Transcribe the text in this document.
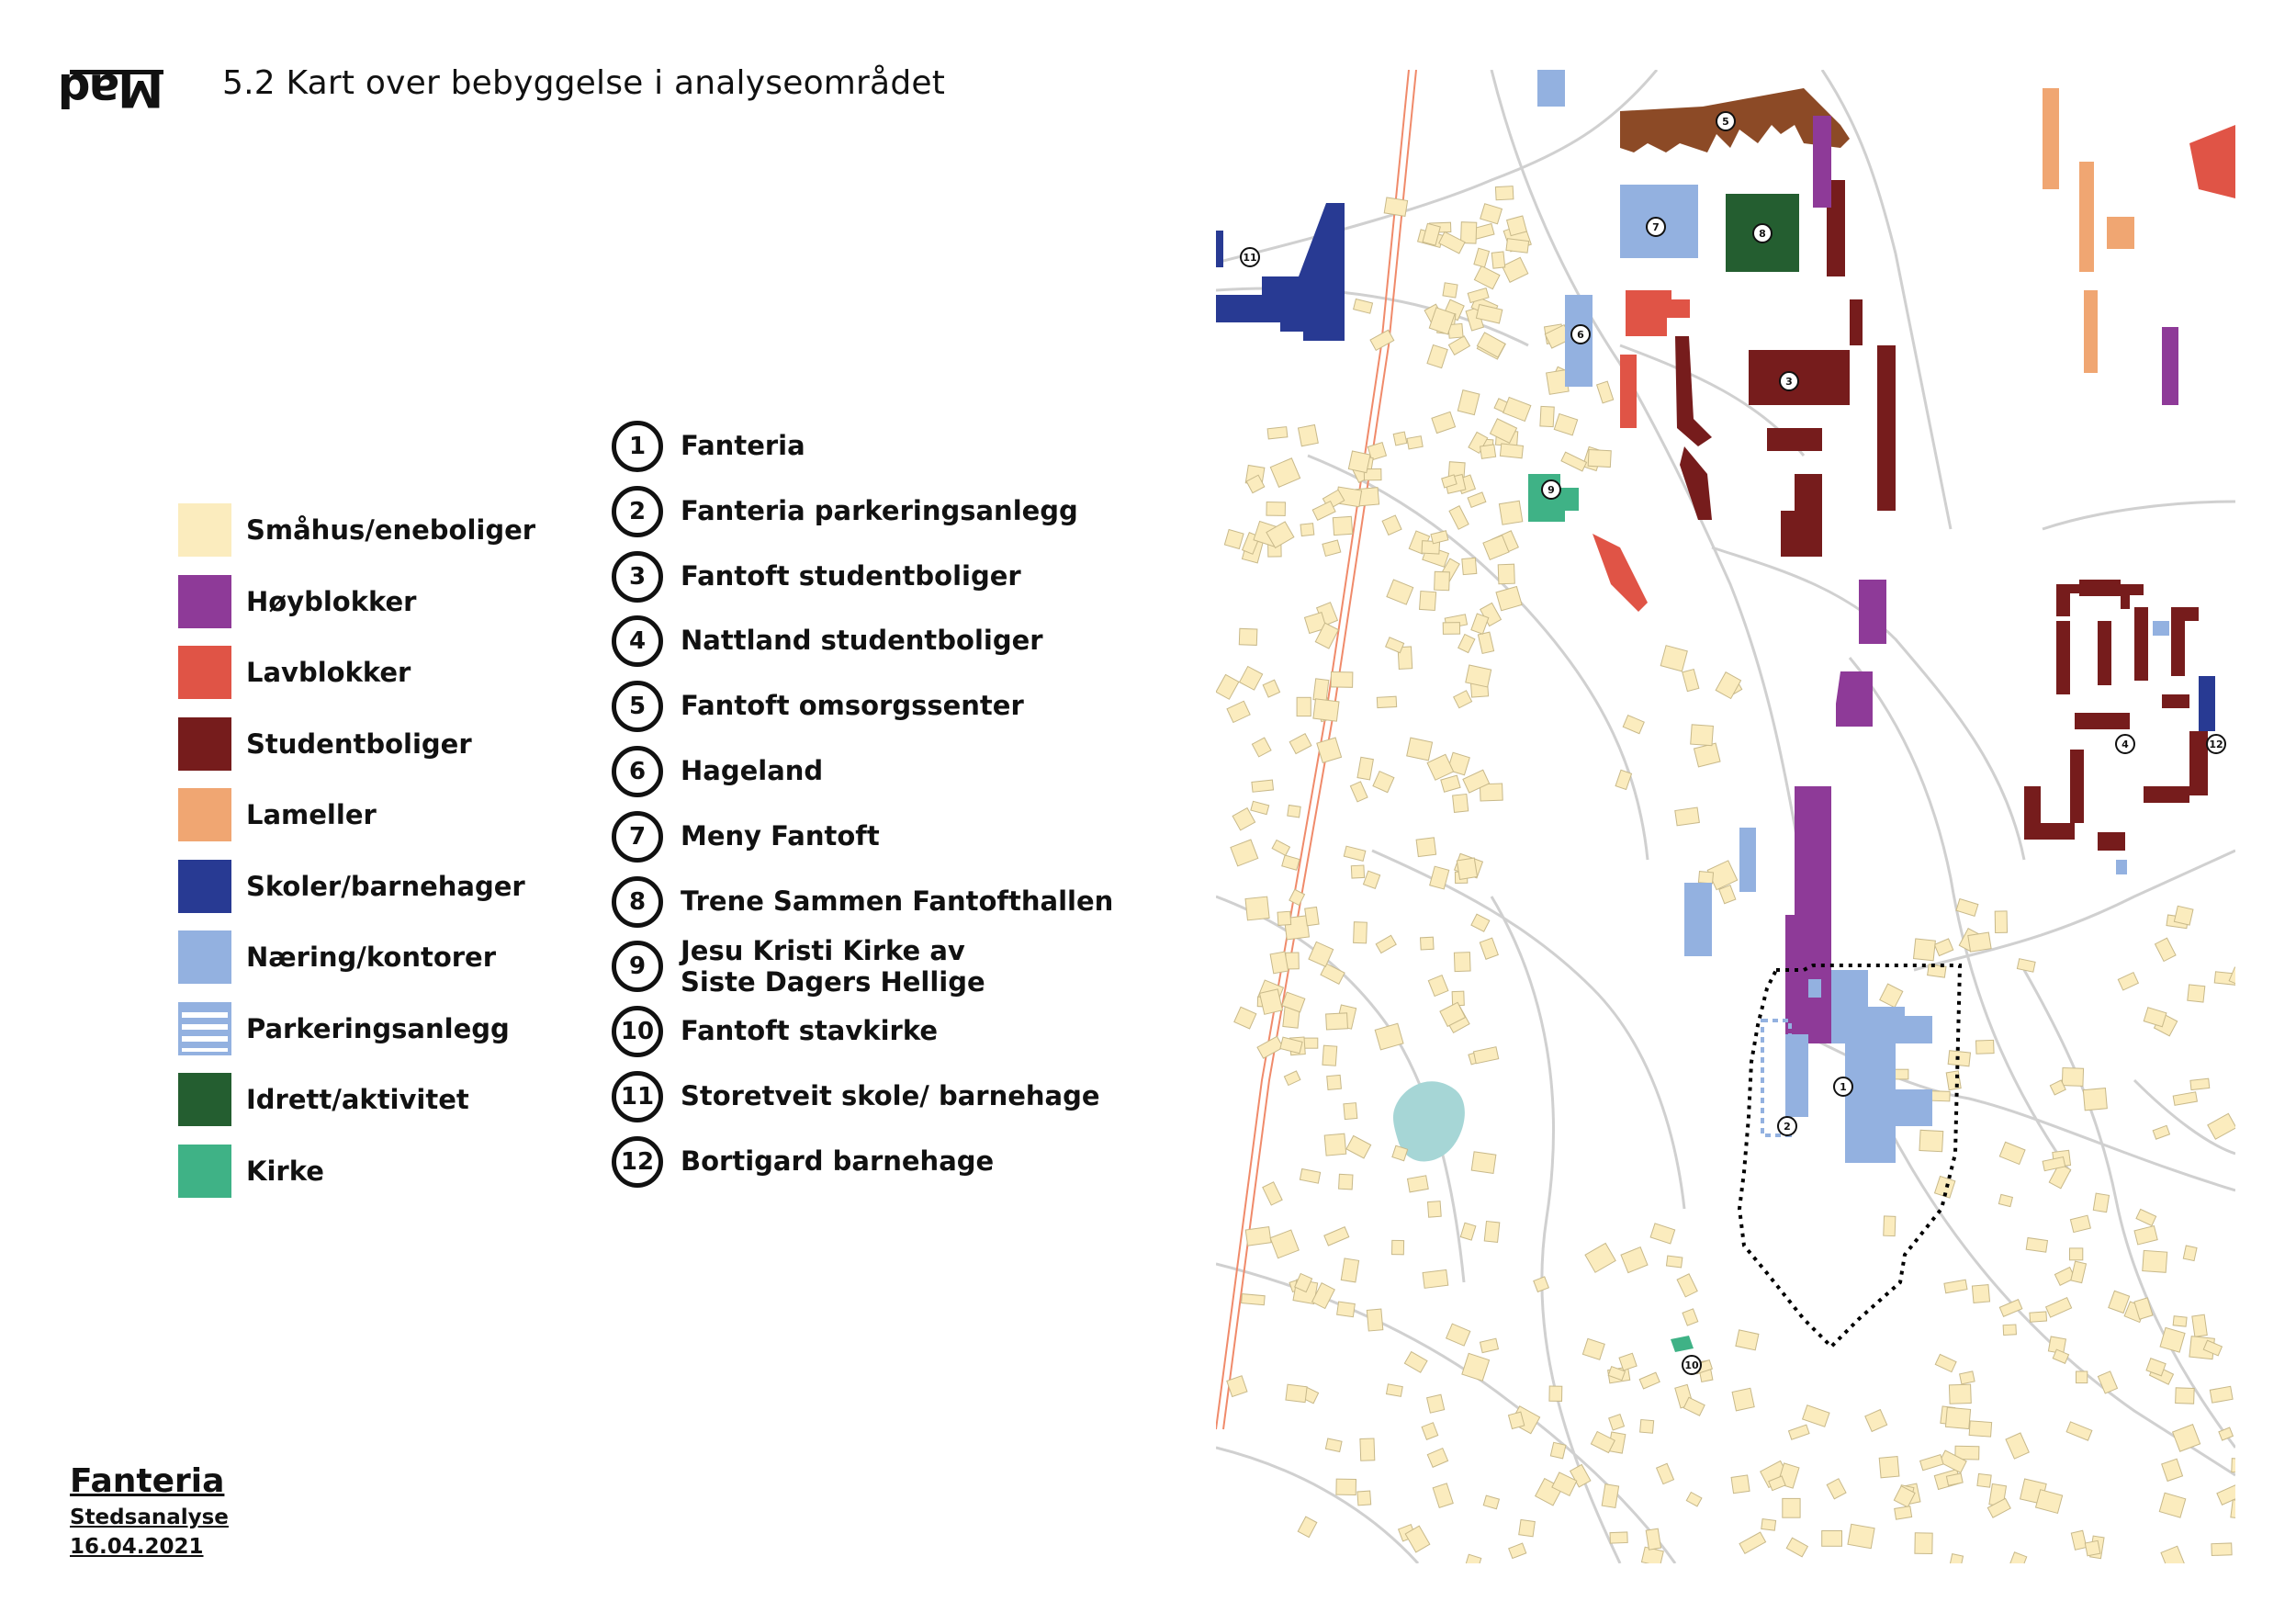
Mad 5.2 Kart over bebyggelse i analyseområdet
Småhus/eneboliger
Høyblokker
Lavblokker
Studentboliger
Lameller
Skoler/barnehager
Næring/kontorer
Parkeringsanlegg
Idrett/aktivitet
Kirke
1	Fanteria
2	Fanteria parkeringsanlegg
3	Fantoft studentboliger
4	Nattland studentboliger
5	Fantoft omsorgssenter
6	Hageland
7	Meny Fantoft
8	Trene Sammen Fantofthallen
9	Jesu Kristi Kirke av
Siste Dagers Hellige
10 Fantoft stavkirke
11 Storetveit skole/ barnehage
12 Bortigard barnehage
Fanteria
Stedsanalyse
16.04.2021
1
2
3
4
5
6
7
8
9
10
11
12
